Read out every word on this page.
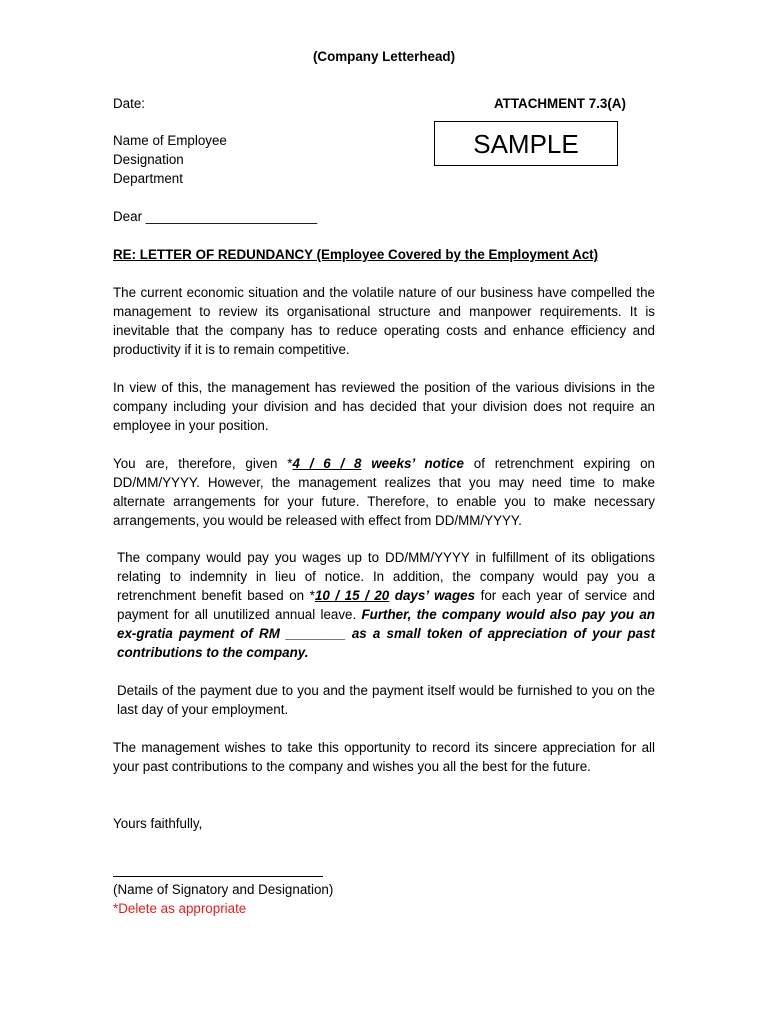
(Company Letterhead)
Date:	ATTACHMENT 7.3(A)
SAMPLE
Name of Employee
Designation
Department
Dear _______________________
RE: LETTER OF REDUNDANCY (Employee Covered by the Employment Act)
The current economic situation and the volatile nature of our business have compelled the management to review its organisational structure and manpower requirements. It is inevitable that the company has to reduce operating costs and enhance efficiency and productivity if it is to remain competitive.
In view of this, the management has reviewed the position of the various divisions in the company including your division and has decided that your division does not require an employee in your position.
You are, therefore, given *4 / 6 / 8 weeks’ notice of retrenchment expiring on DD/MM/YYYY. However, the management realizes that you may need time to make alternate arrangements for your future. Therefore, to enable you to make necessary arrangements, you would be released with effect from DD/MM/YYYY.
The company would pay you wages up to DD/MM/YYYY in fulfillment of its obligations relating to indemnity in lieu of notice. In addition, the company would pay you a retrenchment benefit based on *10 / 15 / 20 days’ wages for each year of service and payment for all unutilized annual leave. Further, the company would also pay you an ex-gratia payment of RM ________ as a small token of appreciation of your past contributions to the company.
Details of the payment due to you and the payment itself would be furnished to you on the last day of your employment.
The management wishes to take this opportunity to record its sincere appreciation for all your past contributions to the company and wishes you all the best for the future.
Yours faithfully,
(Name of Signatory and Designation)
*Delete as appropriate
